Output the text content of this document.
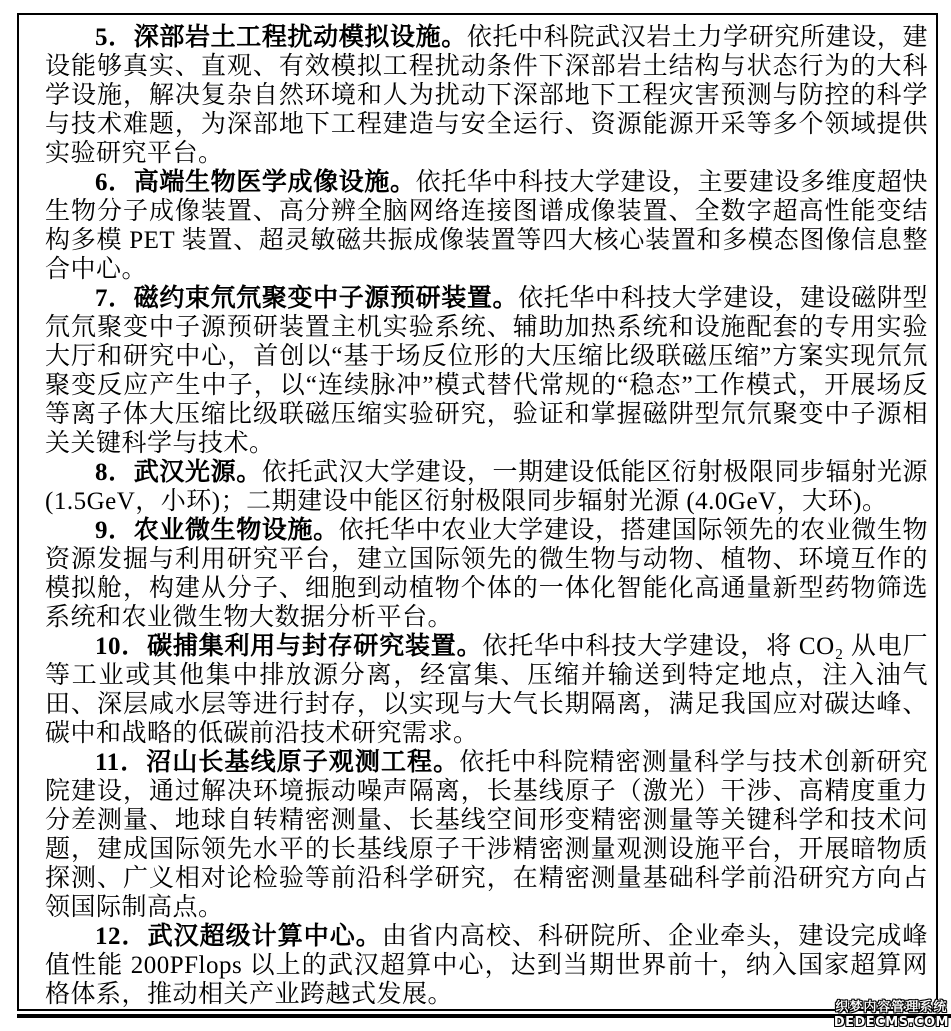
5．深部岩土工程扰动模拟设施。依托中科院武汉岩土力学研究所建设，建设能够真实、直观、有效模拟工程扰动条件下深部岩土结构与状态行为的大科学设施，解决复杂自然环境和人为扰动下深部地下工程灾害预测与防控的科学与技术难题，为深部地下工程建造与安全运行、资源能源开采等多个领域提供实验研究平台。

6．高端生物医学成像设施。依托华中科技大学建设，主要建设多维度超快生物分子成像装置、高分辨全脑网络连接图谱成像装置、全数字超高性能变结构多模 PET 装置、超灵敏磁共振成像装置等四大核心装置和多模态图像信息整合中心。

7．磁约束氘氘聚变中子源预研装置。依托华中科技大学建设，建设磁阱型氘氘聚变中子源预研装置主机实验系统、辅助加热系统和设施配套的专用实验大厅和研究中心，首创以“基于场反位形的大压缩比级联磁压缩”方案实现氘氘聚变反应产生中子，以“连续脉冲”模式替代常规的“稳态”工作模式，开展场反等离子体大压缩比级联磁压缩实验研究，验证和掌握磁阱型氘氘聚变中子源相关关键科学与技术。

8．武汉光源。依托武汉大学建设，一期建设低能区衍射极限同步辐射光源(1.5GeV，小环)；二期建设中能区衍射极限同步辐射光源 (4.0GeV，大环)。

9．农业微生物设施。依托华中农业大学建设，搭建国际领先的农业微生物资源发掘与利用研究平台，建立国际领先的微生物与动物、植物、环境互作的模拟舱，构建从分子、细胞到动植物个体的一体化智能化高通量新型药物筛选系统和农业微生物大数据分析平台。

10．碳捕集利用与封存研究装置。依托华中科技大学建设，将 CO₂ 从电厂等工业或其他集中排放源分离，经富集、压缩并输送到特定地点，注入油气田、深层咸水层等进行封存，以实现与大气长期隔离，满足我国应对碳达峰、碳中和战略的低碳前沿技术研究需求。

11．沼山长基线原子观测工程。依托中科院精密测量科学与技术创新研究院建设，通过解决环境振动噪声隔离，长基线原子（激光）干涉、高精度重力分差测量、地球自转精密测量、长基线空间形变精密测量等关键科学和技术问题，建成国际领先水平的长基线原子干涉精密测量观测设施平台，开展暗物质探测、广义相对论检验等前沿科学研究，在精密测量基础科学前沿研究方向占领国际制高点。

12．武汉超级计算中心。由省内高校、科研院所、企业牵头，建设完成峰值性能 200PFlops 以上的武汉超算中心，达到当期世界前十，纳入国家超算网格体系，推动相关产业跨越式发展。	织梦内容管理系统
DEDECMS.COM
